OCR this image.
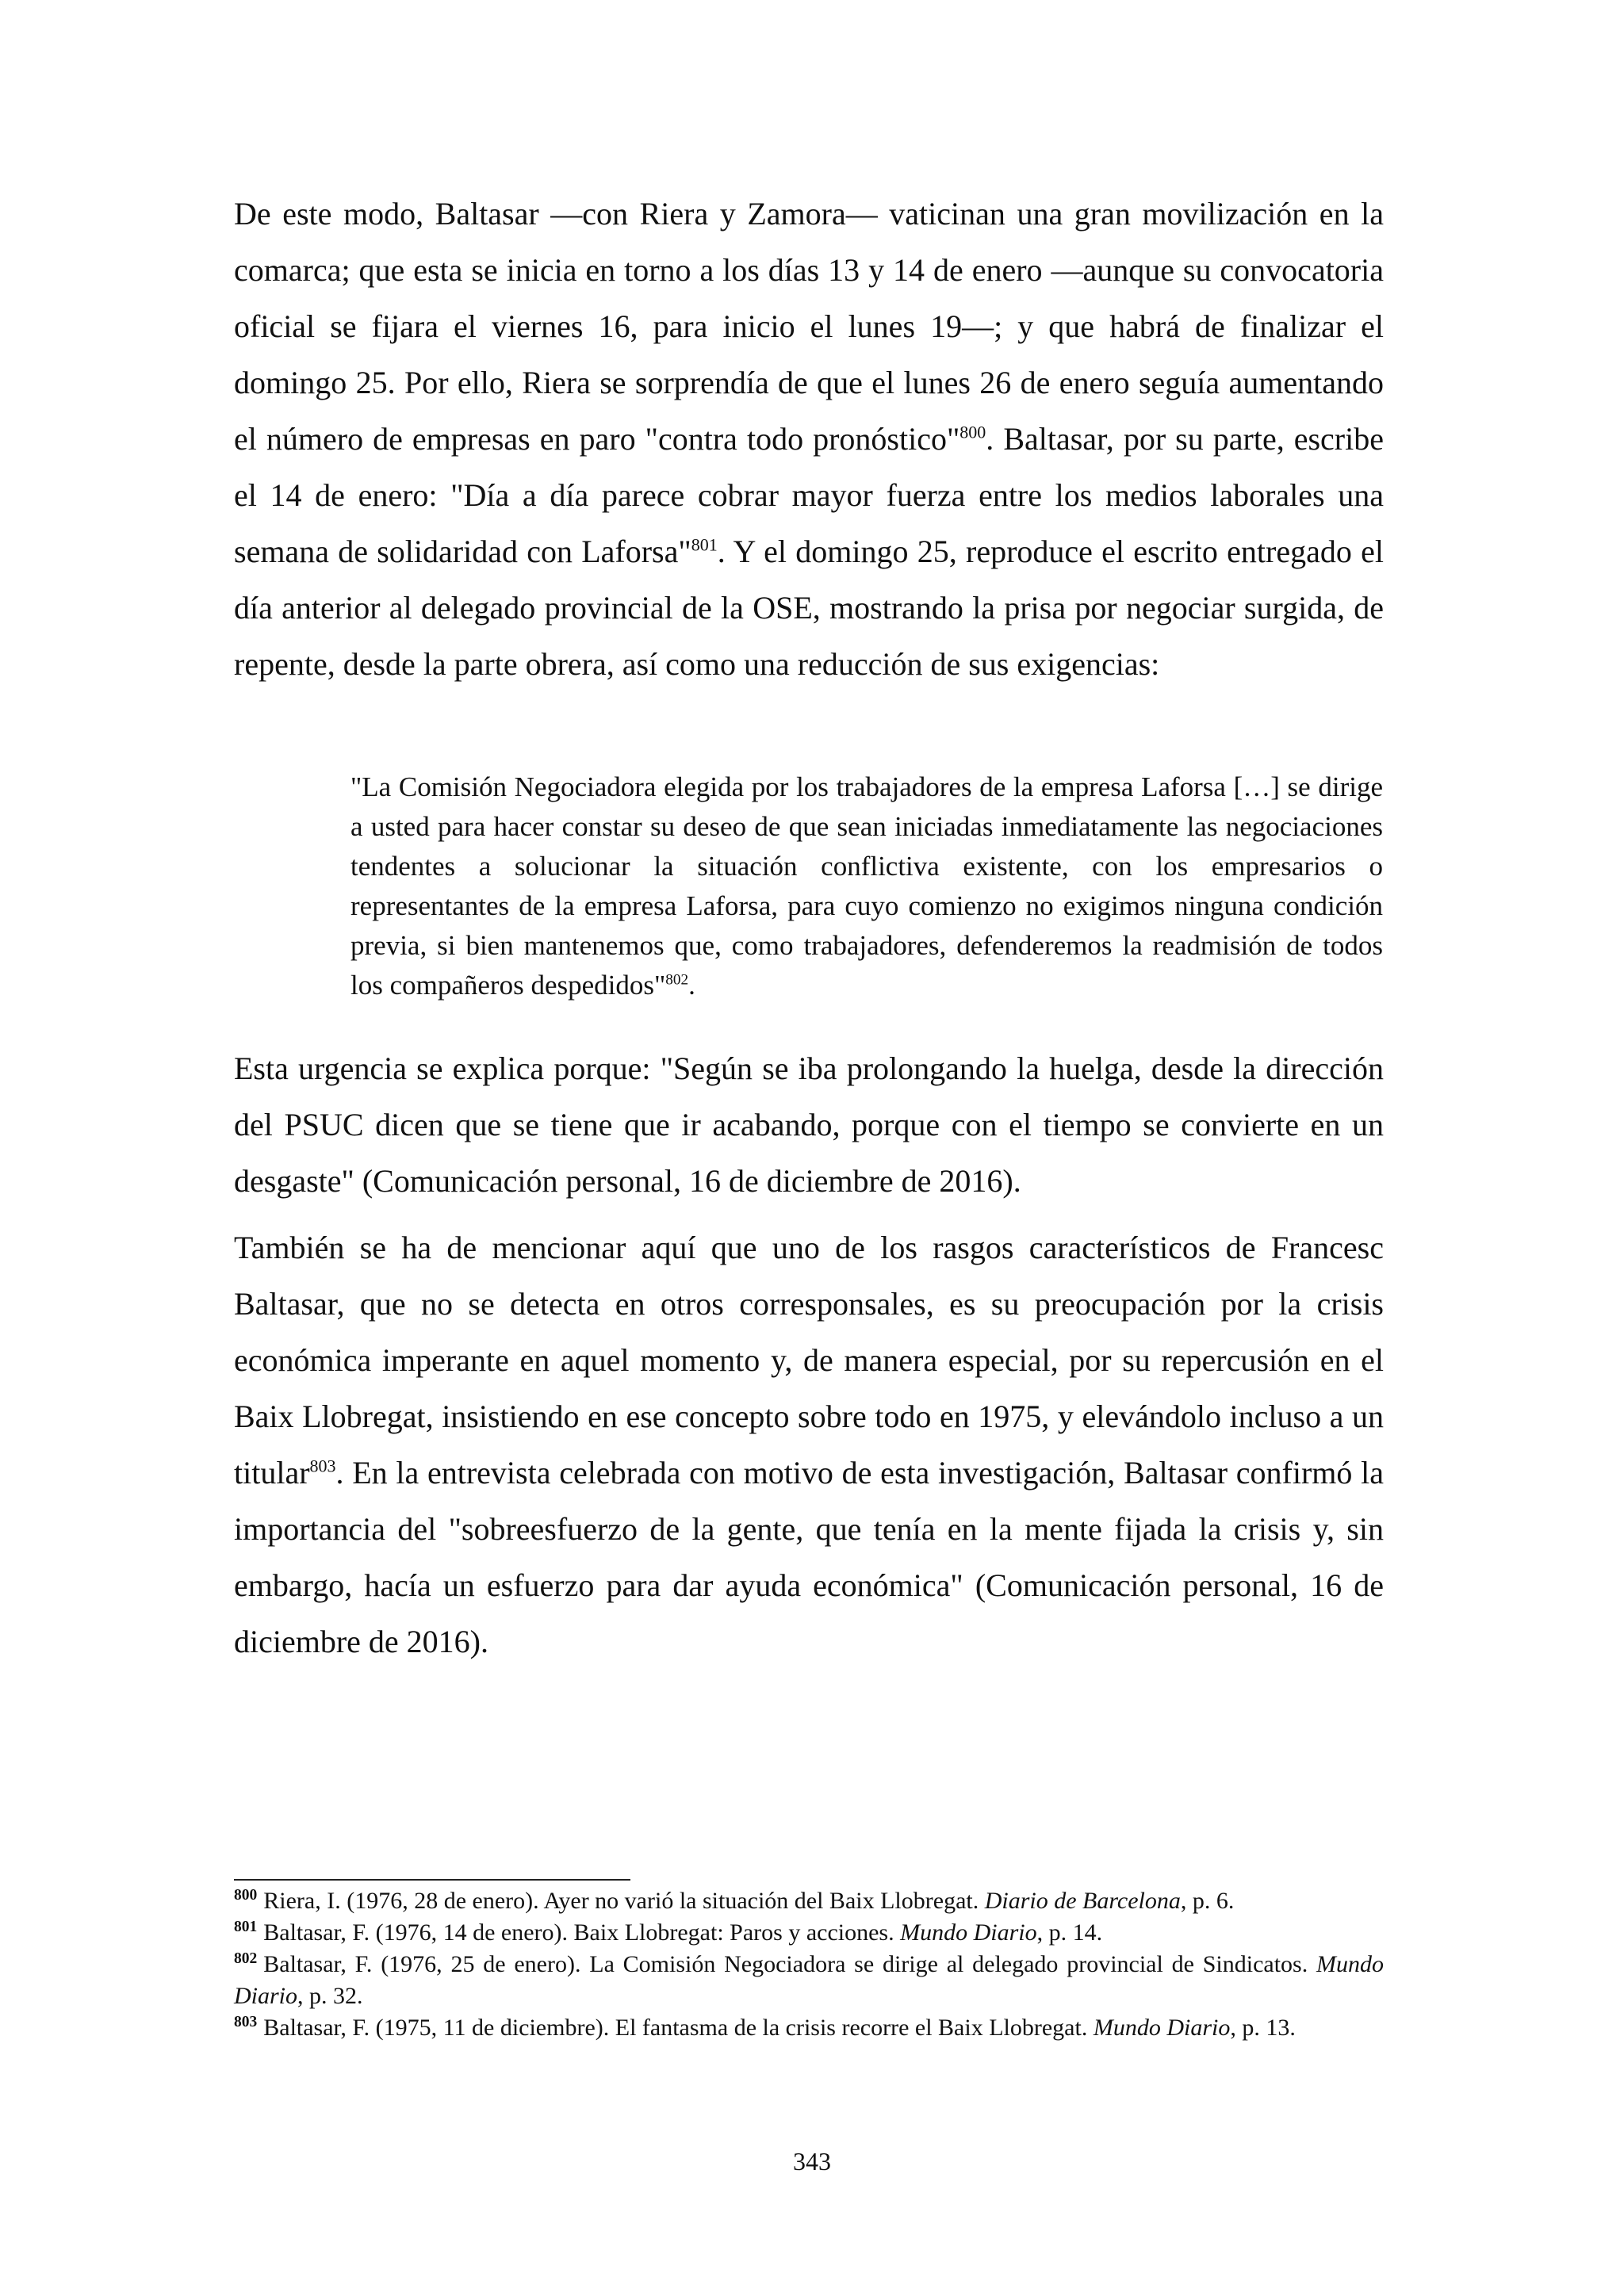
De este modo, Baltasar —con Riera y Zamora— vaticinan una gran movilización en la comarca; que esta se inicia en torno a los días 13 y 14 de enero —aunque su convocatoria oficial se fijara el viernes 16, para inicio el lunes 19—; y que habrá de finalizar el domingo 25. Por ello, Riera se sorprendía de que el lunes 26 de enero seguía aumentando el número de empresas en paro "contra todo pronóstico"$^{800}$. Baltasar, por su parte, escribe el 14 de enero: "Día a día parece cobrar mayor fuerza entre los medios laborales una semana de solidaridad con Laforsa"$^{801}$. Y el domingo 25, reproduce el escrito entregado el día anterior al delegado provincial de la OSE, mostrando la prisa por negociar surgida, de repente, desde la parte obrera, así como una reducción de sus exigencias:

"La Comisión Negociadora elegida por los trabajadores de la empresa Laforsa […] se dirige a usted para hacer constar su deseo de que sean iniciadas inmediatamente las negociaciones tendentes a solucionar la situación conflictiva existente, con los empresarios o representantes de la empresa Laforsa, para cuyo comienzo no exigimos ninguna condición previa, si bien mantenemos que, como trabajadores, defenderemos la readmisión de todos los compañeros despedidos"$^{802}$.

Esta urgencia se explica porque: "Según se iba prolongando la huelga, desde la dirección del PSUC dicen que se tiene que ir acabando, porque con el tiempo se convierte en un desgaste" (Comunicación personal, 16 de diciembre de 2016).

También se ha de mencionar aquí que uno de los rasgos característicos de Francesc Baltasar, que no se detecta en otros corresponsales, es su preocupación por la crisis económica imperante en aquel momento y, de manera especial, por su repercusión en el Baix Llobregat, insistiendo en ese concepto sobre todo en 1975, y elevándolo incluso a un titular$^{803}$. En la entrevista celebrada con motivo de esta investigación, Baltasar confirmó la importancia del "sobreesfuerzo de la gente, que tenía en la mente fijada la crisis y, sin embargo, hacía un esfuerzo para dar ayuda económica" (Comunicación personal, 16 de diciembre de 2016).

$^{800}$ Riera, I. (1976, 28 de enero). Ayer no varió la situación del Baix Llobregat. Diario de Barcelona, p. 6.

$^{801}$ Baltasar, F. (1976, 14 de enero). Baix Llobregat: Paros y acciones. Mundo Diario, p. 14.

$^{802}$ Baltasar, F. (1976, 25 de enero). La Comisión Negociadora se dirige al delegado provincial de Sindicatos. Mundo Diario, p. 32.

$^{803}$ Baltasar, F. (1975, 11 de diciembre). El fantasma de la crisis recorre el Baix Llobregat. Mundo Diario, p. 13.

343
